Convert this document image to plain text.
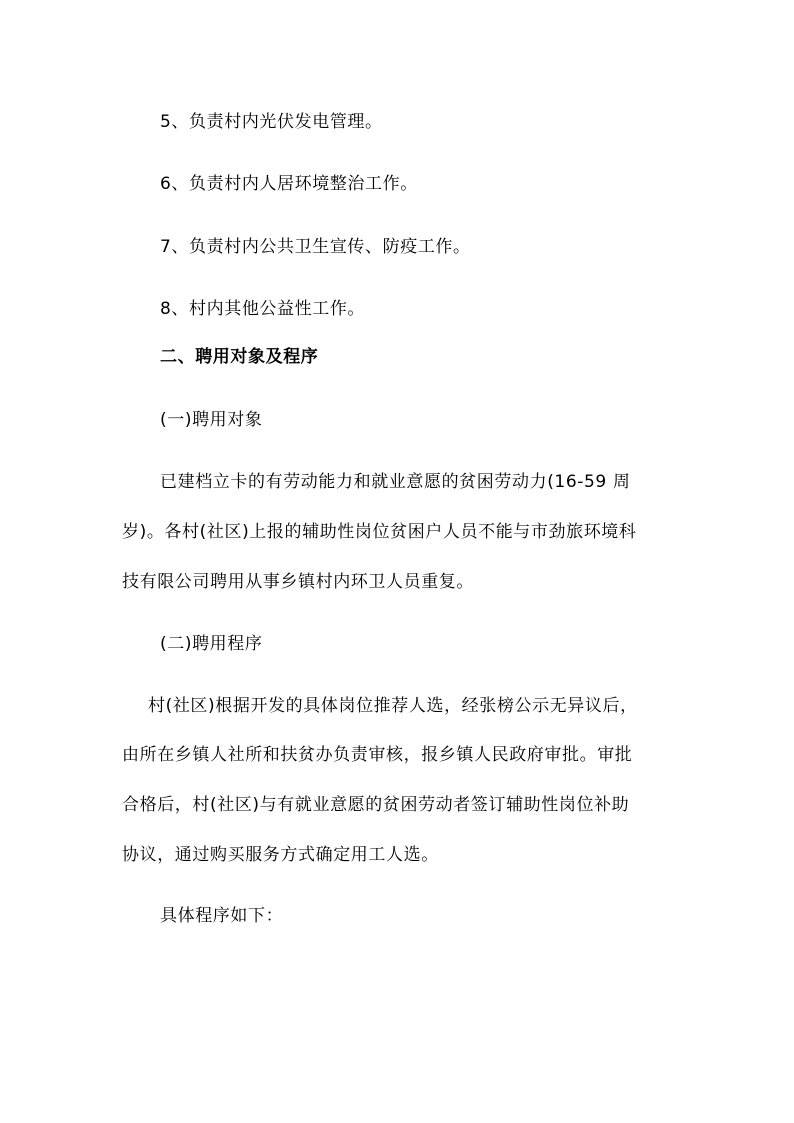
5、负责村内光伏发电管理。
6、负责村内人居环境整治工作。
7、负责村内公共卫生宣传、防疫工作。
8、村内其他公益性工作。
二、聘用对象及程序
(一)聘用对象
已建档立卡的有劳动能力和就业意愿的贫困劳动力(16-59 周
岁)。各村(社区)上报的辅助性岗位贫困户人员不能与市劲旅环境科
技有限公司聘用从事乡镇村内环卫人员重复。
(二)聘用程序
村(社区)根据开发的具体岗位推荐人选，经张榜公示无异议后，
由所在乡镇人社所和扶贫办负责审核，报乡镇人民政府审批。审批
合格后，村(社区)与有就业意愿的贫困劳动者签订辅助性岗位补助
协议，通过购买服务方式确定用工人选。
具体程序如下：
